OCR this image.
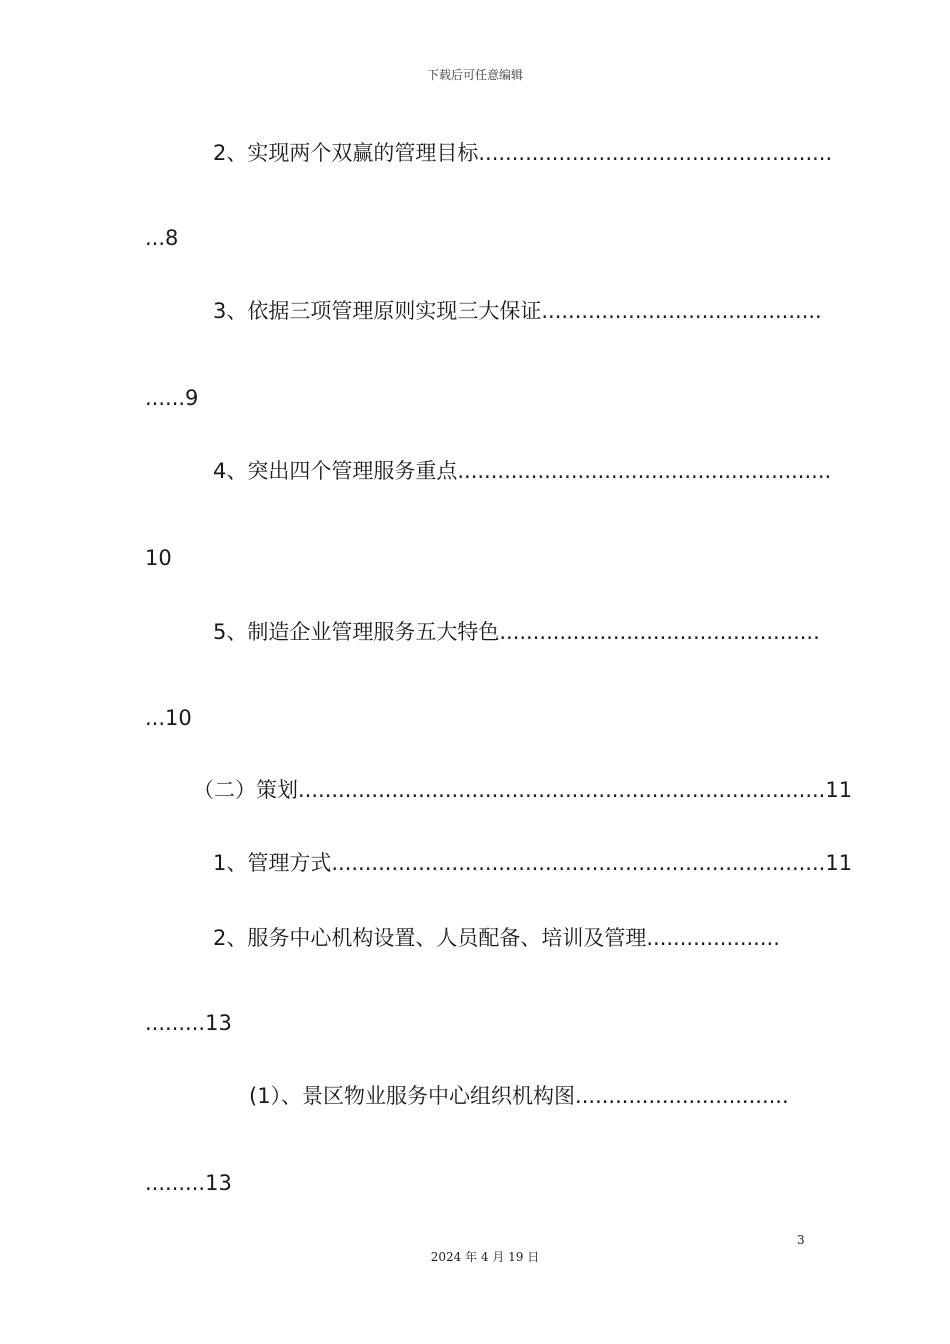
下载后可任意编辑
2、实现两个双赢的管理目标.....................................................
...8
3、依据三项管理原则实现三大保证..........................................
......9
4、突出四个管理服务重点........................................................
10
5、制造企业管理服务五大特色................................................
...10
（二）策划...............................................................................11
1、管理方式..........................................................................11
2、服务中心机构设置、人员配备、培训及管理....................
.........13
(1）、景区物业服务中心组织机构图................................
.........13
3
2024 年 4 月 19 日
